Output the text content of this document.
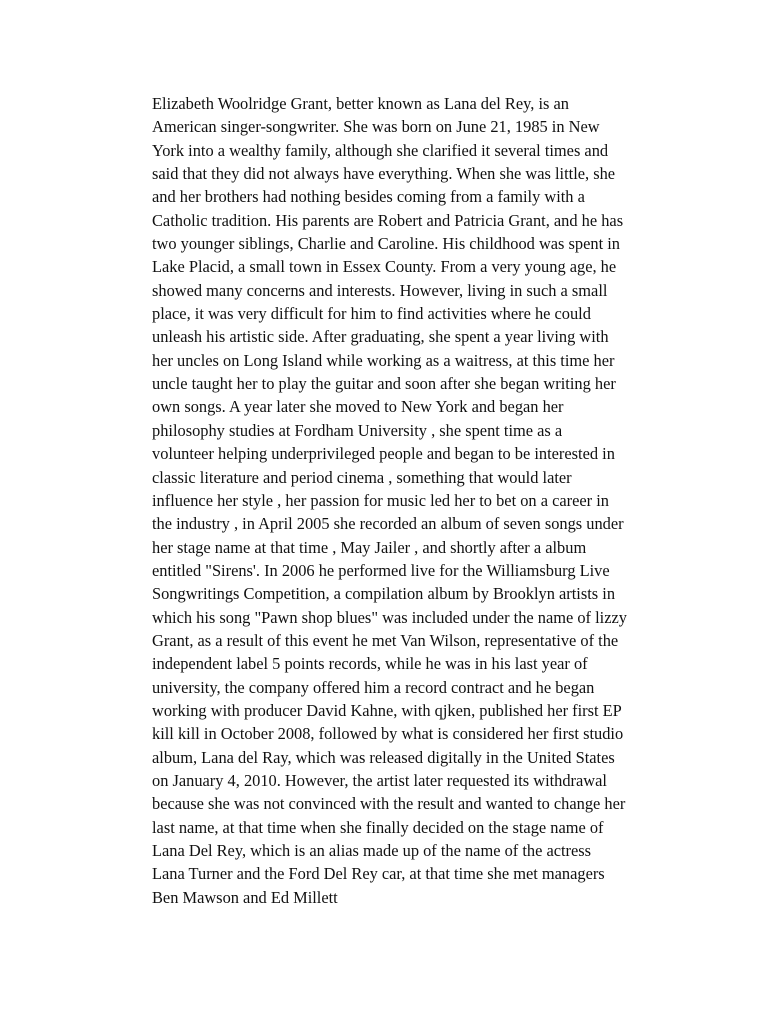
Elizabeth Woolridge Grant, better known as Lana del Rey, is an
American singer-songwriter. She was born on June 21, 1985 in New
York into a wealthy family, although she clarified it several times and
said that they did not always have everything. When she was little, she
and her brothers had nothing besides coming from a family with a
Catholic tradition. His parents are Robert and Patricia Grant, and he has
two younger siblings, Charlie and Caroline. His childhood was spent in
Lake Placid, a small town in Essex County. From a very young age, he
showed many concerns and interests. However, living in such a small
place, it was very difficult for him to find activities where he could
unleash his artistic side. After graduating, she spent a year living with
her uncles on Long Island while working as a waitress, at this time her
uncle taught her to play the guitar and soon after she began writing her
own songs. A year later she moved to New York and began her
philosophy studies at Fordham University , she spent time as a
volunteer helping underprivileged people and began to be interested in
classic literature and period cinema , something that would later
influence her style , her passion for music led her to bet on a career in
the industry , in April 2005 she recorded an album of seven songs under
her stage name at that time , May Jailer , and shortly after a album
entitled "Sirens'. In 2006 he performed live for the Williamsburg Live
Songwritings Competition, a compilation album by Brooklyn artists in
which his song "Pawn shop blues" was included under the name of lizzy
Grant, as a result of this event he met Van Wilson, representative of the
independent label 5 points records, while he was in his last year of
university, the company offered him a record contract and he began
working with producer David Kahne, with qjken, published her first EP
kill kill in October 2008, followed by what is considered her first studio
album, Lana del Ray, which was released digitally in the United States
on January 4, 2010. However, the artist later requested its withdrawal
because she was not convinced with the result and wanted to change her
last name, at that time when she finally decided on the stage name of
Lana Del Rey, which is an alias made up of the name of the actress
Lana Turner and the Ford Del Rey car, at that time she met managers
Ben Mawson and Ed Millett
